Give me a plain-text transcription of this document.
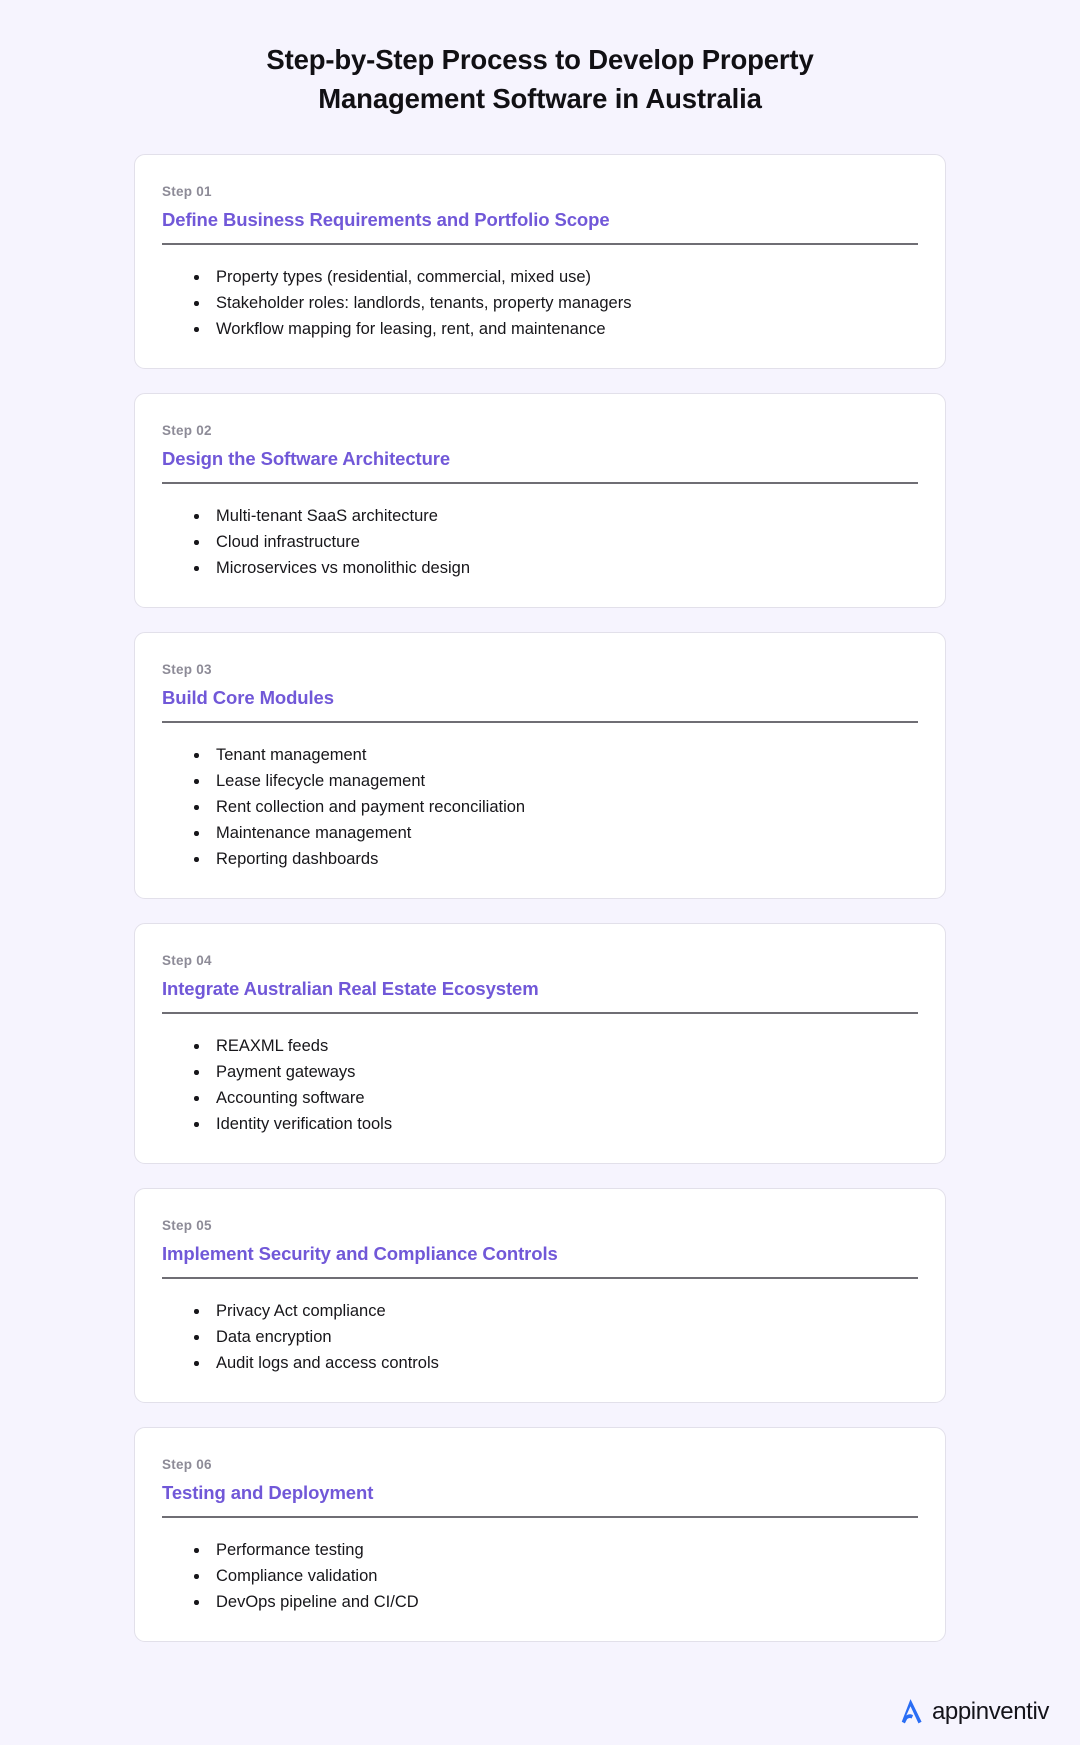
Step-by-Step Process to Develop Property
Management Software in Australia
Step 01
Define Business Requirements and Portfolio Scope
Property types (residential, commercial, mixed use)
Stakeholder roles: landlords, tenants, property managers
Workflow mapping for leasing, rent, and maintenance
Step 02
Design the Software Architecture
Multi-tenant SaaS architecture
Cloud infrastructure
Microservices vs monolithic design
Step 03
Build Core Modules
Tenant management
Lease lifecycle management
Rent collection and payment reconciliation
Maintenance management
Reporting dashboards
Step 04
Integrate Australian Real Estate Ecosystem
REAXML feeds
Payment gateways
Accounting software
Identity verification tools
Step 05
Implement Security and Compliance Controls
Privacy Act compliance
Data encryption
Audit logs and access controls
Step 06
Testing and Deployment
Performance testing
Compliance validation
DevOps pipeline and CI/CD
appinventiv
